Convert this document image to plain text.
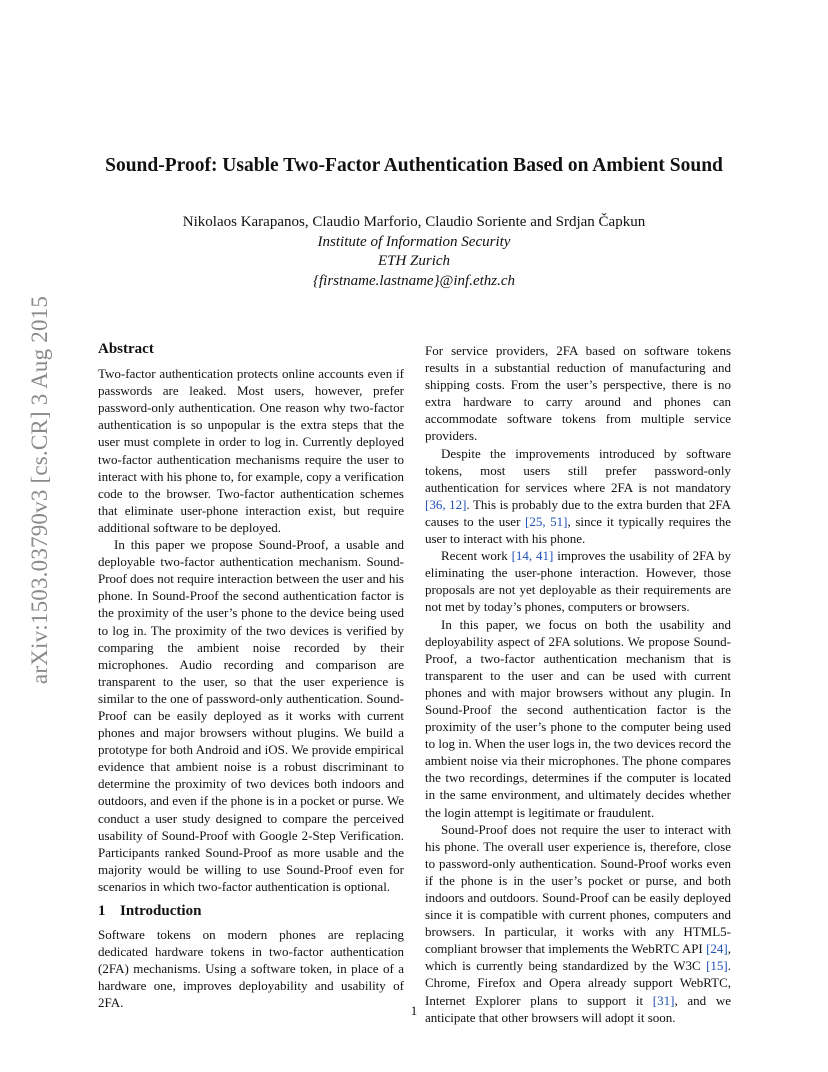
arXiv:1503.03790v3 [cs.CR] 3 Aug 2015
Sound-Proof: Usable Two-Factor Authentication Based on Ambient Sound
Nikolaos Karapanos, Claudio Marforio, Claudio Soriente and Srdjan Čapkun
Institute of Information Security
ETH Zurich
{firstname.lastname}@inf.ethz.ch
Abstract

Two-factor authentication protects online accounts even if passwords are leaked. Most users, however, prefer password-only authentication. One reason why two-factor authentication is so unpopular is the extra steps that the user must complete in order to log in. Currently deployed two-factor authentication mechanisms require the user to interact with his phone to, for example, copy a verification code to the browser. Two-factor authentication schemes that eliminate user-phone interaction exist, but require additional software to be deployed.

In this paper we propose Sound-Proof, a usable and deployable two-factor authentication mechanism. Sound-Proof does not require interaction between the user and his phone. In Sound-Proof the second authentication factor is the proximity of the user’s phone to the device being used to log in. The proximity of the two devices is verified by comparing the ambient noise recorded by their microphones. Audio recording and comparison are transparent to the user, so that the user experience is similar to the one of password-only authentication. Sound-Proof can be easily deployed as it works with current phones and major browsers without plugins. We build a prototype for both Android and iOS. We provide empirical evidence that ambient noise is a robust discriminant to determine the proximity of two devices both indoors and outdoors, and even if the phone is in a pocket or purse. We conduct a user study designed to compare the perceived usability of Sound-Proof with Google 2-Step Verification. Participants ranked Sound-Proof as more usable and the majority would be willing to use Sound-Proof even for scenarios in which two-factor authentication is optional.

1 Introduction

Software tokens on modern phones are replacing dedicated hardware tokens in two-factor authentication (2FA) mechanisms. Using a software token, in place of a hardware one, improves deployability and usability of 2FA.

For service providers, 2FA based on software tokens results in a substantial reduction of manufacturing and shipping costs. From the user’s perspective, there is no extra hardware to carry around and phones can accommodate software tokens from multiple service providers.

Despite the improvements introduced by software tokens, most users still prefer password-only authentication for services where 2FA is not mandatory [36, 12]. This is probably due to the extra burden that 2FA causes to the user [25, 51], since it typically requires the user to interact with his phone.

Recent work [14, 41] improves the usability of 2FA by eliminating the user-phone interaction. However, those proposals are not yet deployable as their requirements are not met by today’s phones, computers or browsers.

In this paper, we focus on both the usability and deployability aspect of 2FA solutions. We propose Sound-Proof, a two-factor authentication mechanism that is transparent to the user and can be used with current phones and with major browsers without any plugin. In Sound-Proof the second authentication factor is the proximity of the user’s phone to the computer being used to log in. When the user logs in, the two devices record the ambient noise via their microphones. The phone compares the two recordings, determines if the computer is located in the same environment, and ultimately decides whether the login attempt is legitimate or fraudulent.

Sound-Proof does not require the user to interact with his phone. The overall user experience is, therefore, close to password-only authentication. Sound-Proof works even if the phone is in the user’s pocket or purse, and both indoors and outdoors. Sound-Proof can be easily deployed since it is compatible with current phones, computers and browsers. In particular, it works with any HTML5-compliant browser that implements the WebRTC API [24], which is currently being standardized by the W3C [15]. Chrome, Firefox and Opera already support WebRTC, Internet Explorer plans to support it [31], and we anticipate that other browsers will adopt it soon.

1
